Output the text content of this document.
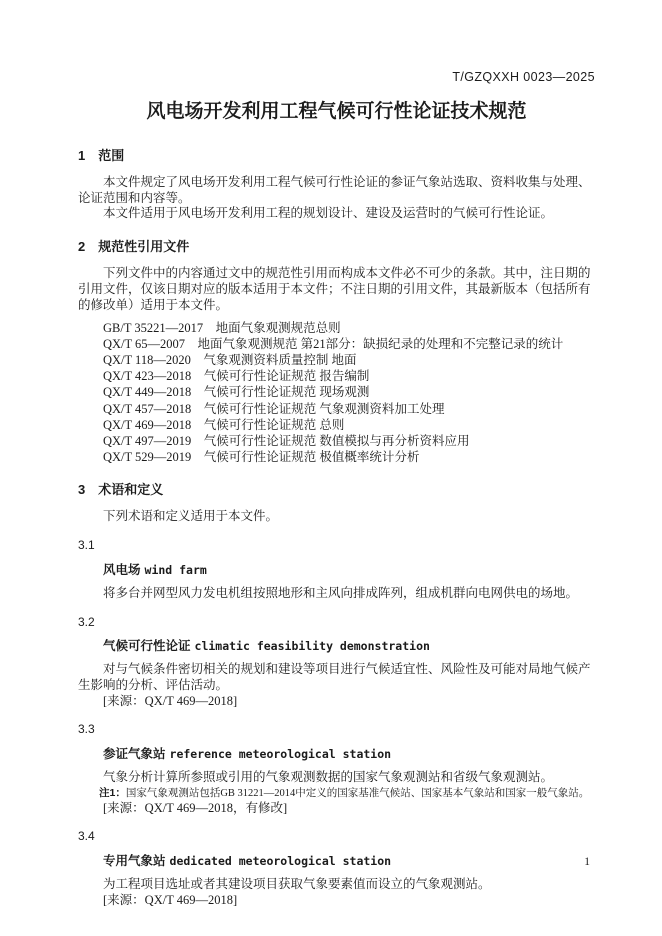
T/GZQXXH 0023—2025
风电场开发利用工程气候可行性论证技术规范
1　范围

本文件规定了风电场开发利用工程气候可行性论证的参证气象站选取、资料收集与处理、论证范围和内容等。

本文件适用于风电场开发利用工程的规划设计、建设及运营时的气候可行性论证。

2　规范性引用文件

下列文件中的内容通过文中的规范性引用而构成本文件必不可少的条款。其中，注日期的引用文件，仅该日期对应的版本适用于本文件；不注日期的引用文件，其最新版本（包括所有的修改单）适用于本文件。

GB/T 35221—2017　地面气象观测规范总则
QX/T 65—2007　地面气象观测规范 第21部分：缺损纪录的处理和不完整记录的统计
QX/T 118—2020　气象观测资料质量控制 地面
QX/T 423—2018　气候可行性论证规范 报告编制
QX/T 449—2018　气候可行性论证规范 现场观测
QX/T 457—2018　气候可行性论证规范 气象观测资料加工处理
QX/T 469—2018　气候可行性论证规范 总则
QX/T 497—2019　气候可行性论证规范 数值模拟与再分析资料应用
QX/T 529—2019　气候可行性论证规范 极值概率统计分析
3　术语和定义

下列术语和定义适用于本文件。

3.1
风电场 wind farm

将多台并网型风力发电机组按照地形和主风向排成阵列，组成机群向电网供电的场地。

3.2
气候可行性论证 climatic feasibility demonstration

对与气候条件密切相关的规划和建设等项目进行气候适宜性、风险性及可能对局地气候产生影响的分析、评估活动。

[来源：QX/T 469—2018]
3.3
参证气象站 reference meteorological station

气象分析计算所参照或引用的气象观测数据的国家气象观测站和省级气象观测站。

注1：国家气象观测站包括GB 31221—2014中定义的国家基准气候站、国家基本气象站和国家一般气象站。
[来源：QX/T 469—2018，有修改]
3.4
专用气象站 dedicated meteorological station

为工程项目选址或者其建设项目获取气象要素值而设立的气象观测站。

[来源：QX/T 469—2018]
1
